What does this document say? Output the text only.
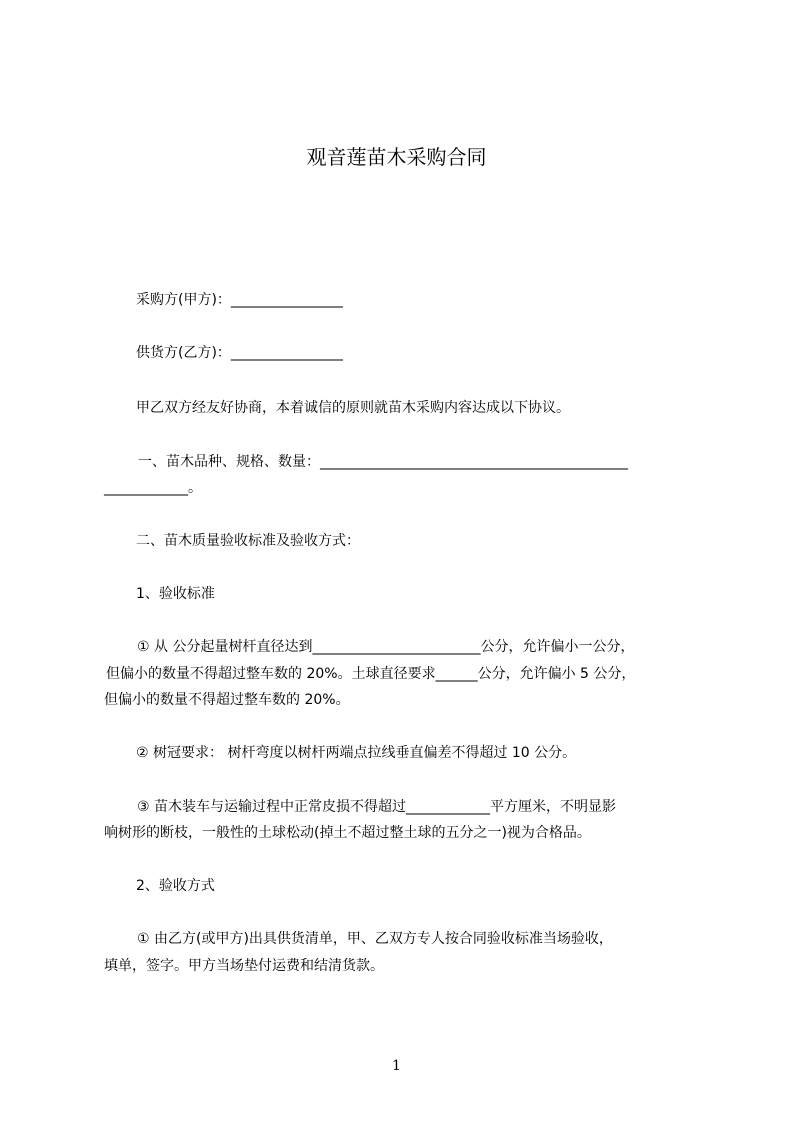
观音莲苗木采购合同
采购方(甲方)：________________
供货方(乙方)：________________
甲乙双方经友好协商，本着诚信的原则就苗木采购内容达成以下协议。
一、苗木品种、规格、数量：____________________________________________
____________。
二、苗木质量验收标准及验收方式：
1、验收标准
① 从 公分起量树杆直径达到________________________公分，允许偏小一公分，
但偏小的数量不得超过整车数的 20%。土球直径要求______公分，允许偏小 5 公分，
但偏小的数量不得超过整车数的 20%。
② 树冠要求： 树杆弯度以树杆两端点拉线垂直偏差不得超过 10 公分。
③ 苗木装车与运输过程中正常皮损不得超过____________平方厘米，不明显影
响树形的断枝，一般性的土球松动(掉土不超过整土球的五分之一)视为合格品。
2、验收方式
① 由乙方(或甲方)出具供货清单，甲、乙双方专人按合同验收标准当场验收，
填单，签字。甲方当场垫付运费和结清货款。
1
